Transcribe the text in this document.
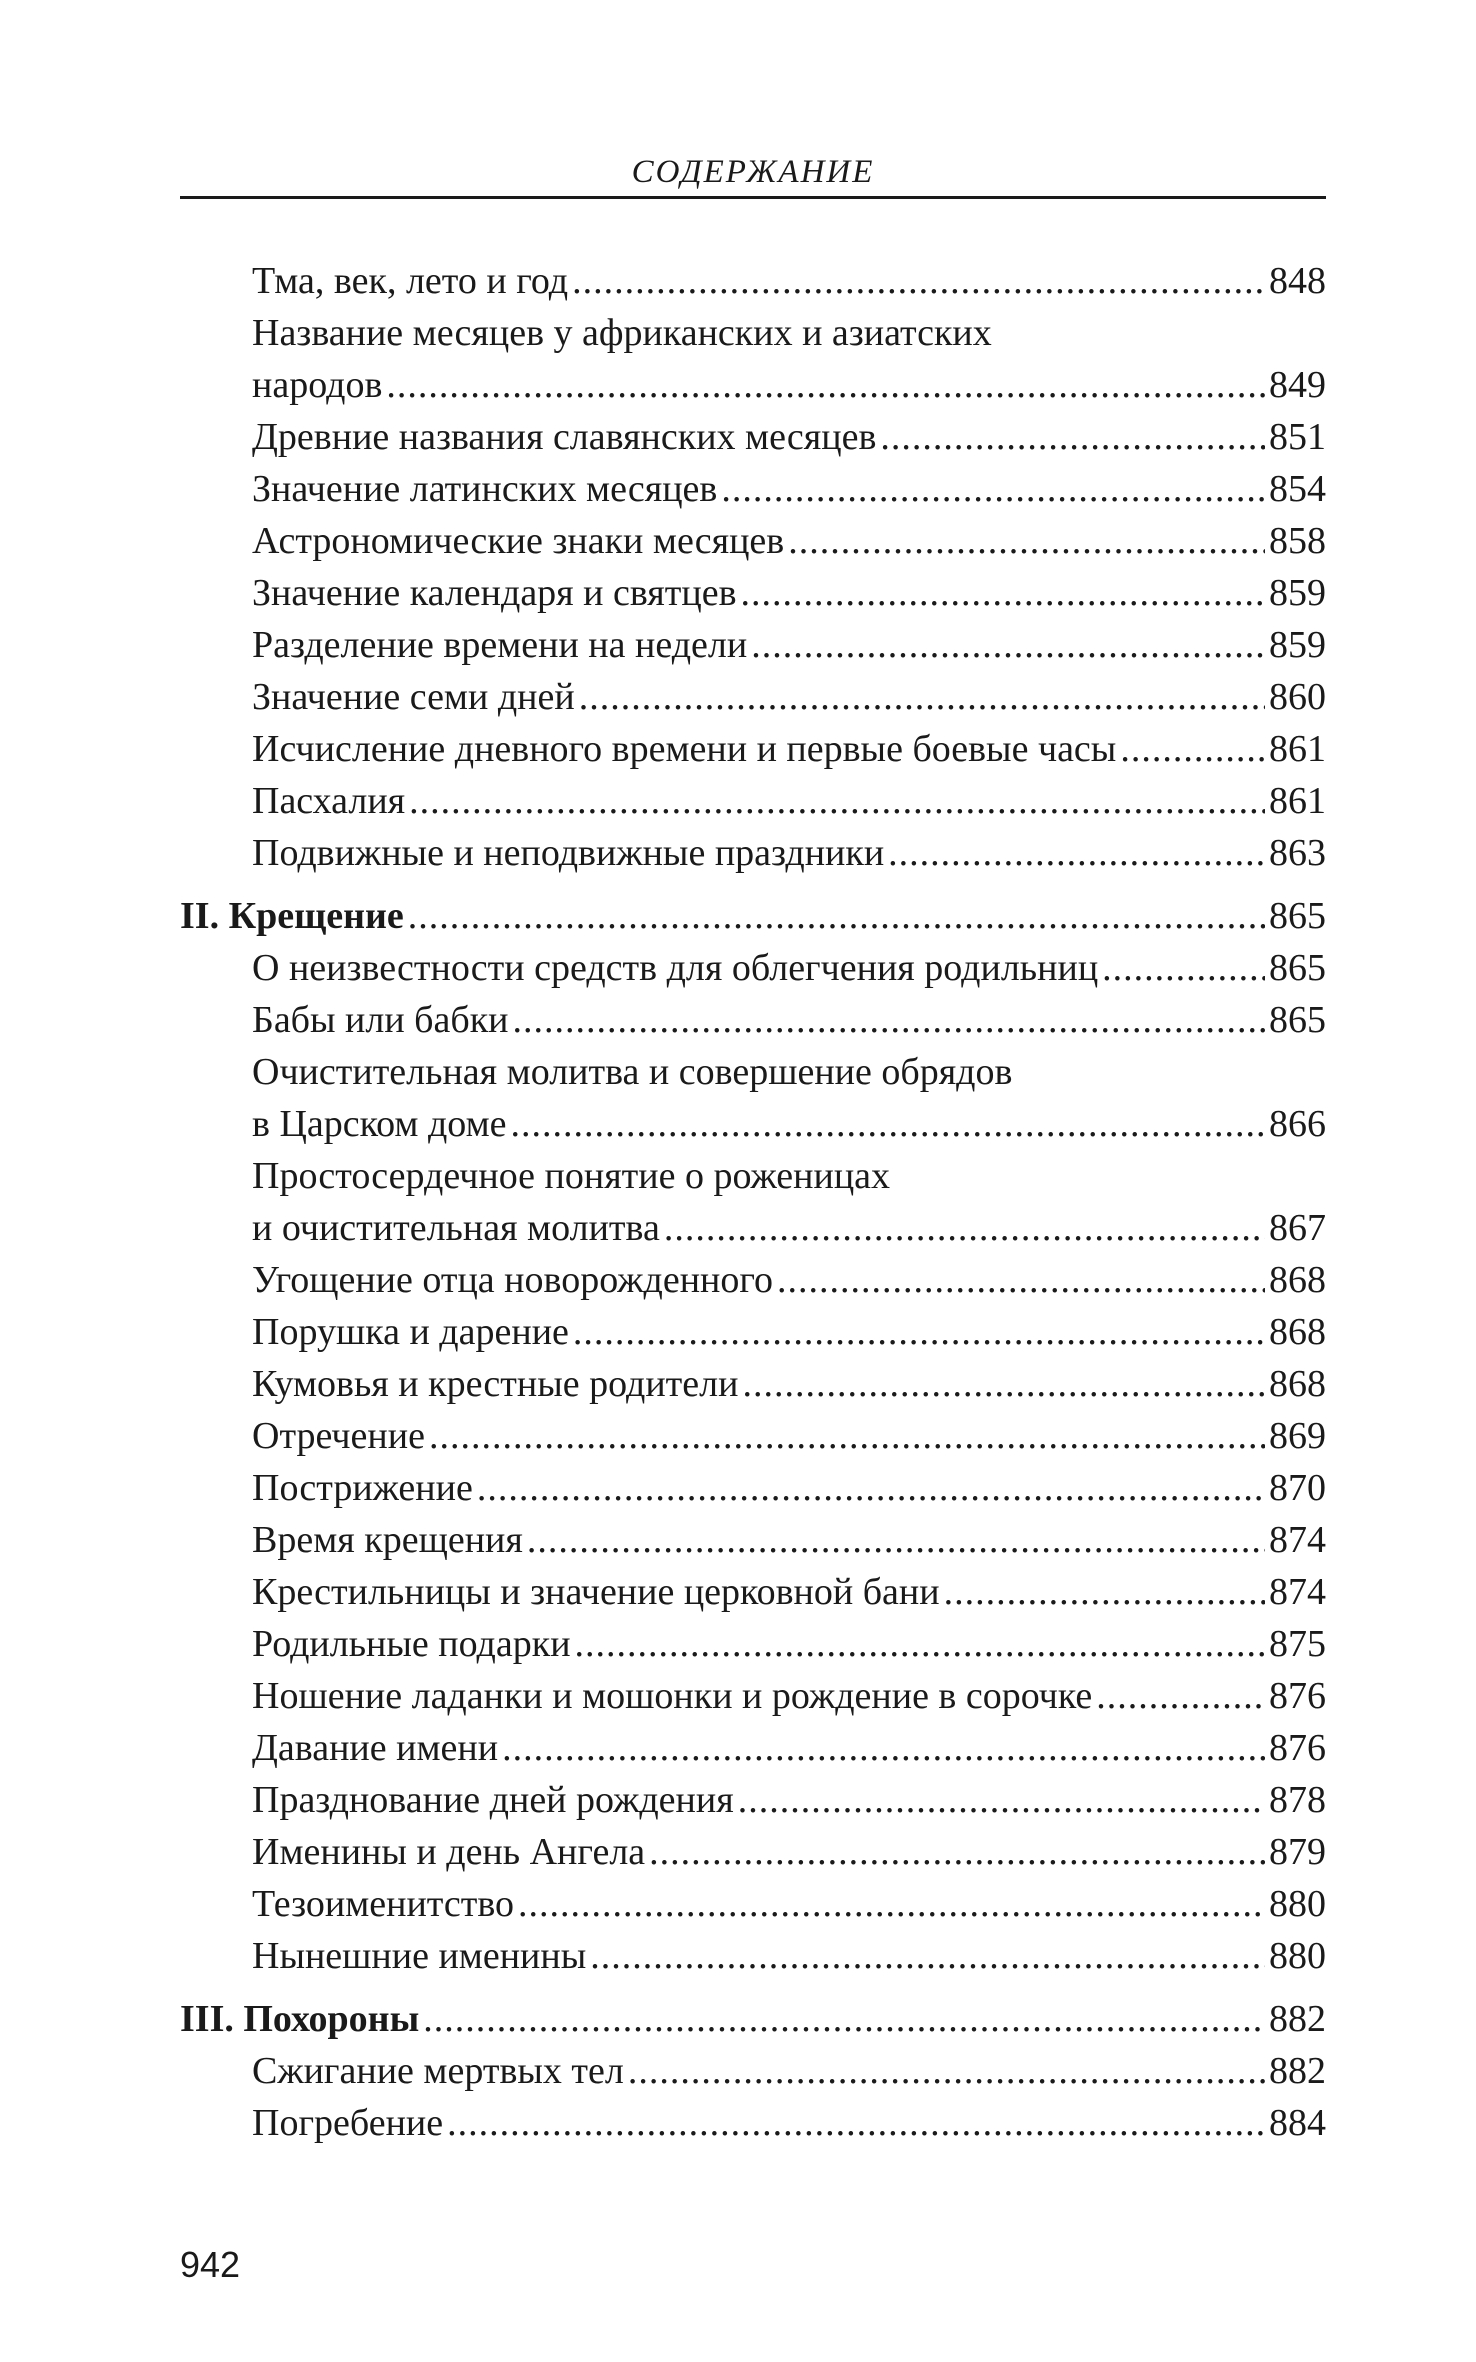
СОДЕРЖАНИЕ
Тма, век, лето и год .....	848
Название месяцев у африканских и азиатских
народов .....	849
Древние названия славянских месяцев .....	851
Значение латинских месяцев .....	854
Астрономические знаки месяцев .....	858
Значение календаря и святцев .....	859
Разделение времени на недели .....	859
Значение семи дней .....	860
Исчисление дневного времени и первые боевые часы .....	861
Пасхалия .....	861
Подвижные и неподвижные праздники .....	863
II. Крещение .....	865
О неизвестности средств для облегчения родильниц .....	865
Бабы или бабки .....	865
Очистительная молитва и совершение обрядов
в Царском доме .....	866
Простосердечное понятие о роженицах
и очистительная молитва .....	867
Угощение отца новорожденного .....	868
Порушка и дарение .....	868
Кумовья и крестные родители .....	868
Отречение .....	869
Пострижение .....	870
Время крещения .....	874
Крестильницы и значение церковной бани .....	874
Родильные подарки .....	875
Ношение ладанки и мошонки и рождение в сорочке .....	876
Давание имени .....	876
Празднование дней рождения .....	878
Именины и день Ангела .....	879
Тезоименитство .....	880
Нынешние именины .....	880
III. Похороны .....	882
Сжигание мертвых тел .....	882
Погребение .....	884
942
